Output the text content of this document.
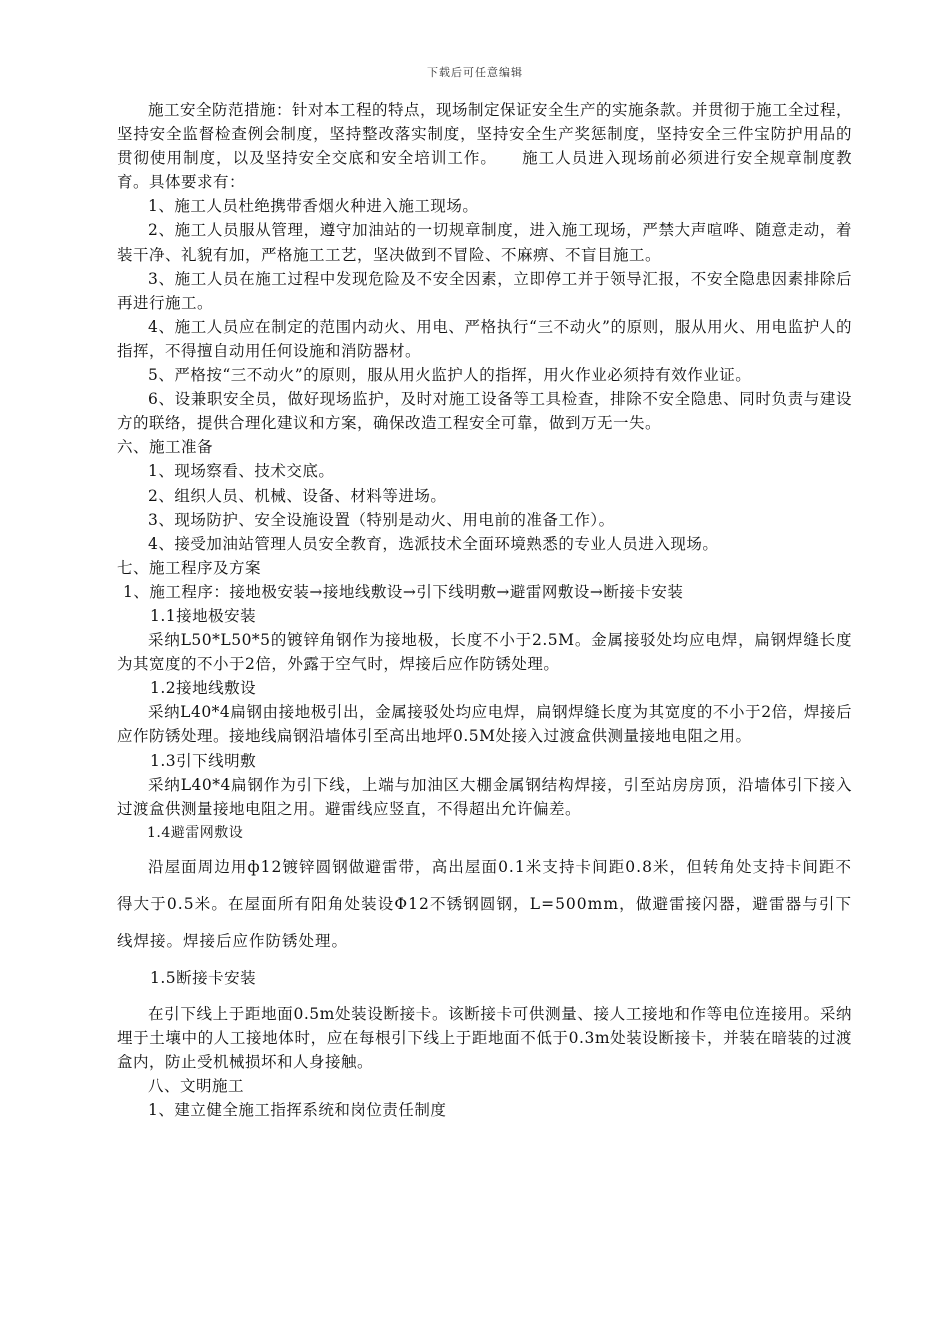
下载后可任意编辑

施工安全防范措施：针对本工程的特点，现场制定保证安全生产的实施条款。并贯彻于施工全过程，坚持安全监督检查例会制度，坚持整改落实制度，坚持安全生产奖惩制度，坚持安全三件宝防护用品的贯彻使用制度，以及坚持安全交底和安全培训工作。　　施工人员进入现场前必须进行安全规章制度教育。具体要求有：

1、施工人员杜绝携带香烟火种进入施工现场。

2、施工人员服从管理，遵守加油站的一切规章制度，进入施工现场，严禁大声喧哗、随意走动，着装干净、礼貌有加，严格施工工艺，坚决做到不冒险、不麻痹、不盲目施工。

3、施工人员在施工过程中发现危险及不安全因素，立即停工并于领导汇报，不安全隐患因素排除后再进行施工。

4、施工人员应在制定的范围内动火、用电、严格执行“三不动火”的原则，服从用火、用电监护人的指挥，不得擅自动用任何设施和消防器材。

5、严格按“三不动火”的原则，服从用火监护人的指挥，用火作业必须持有效作业证。

6、设兼职安全员，做好现场监护，及时对施工设备等工具检查，排除不安全隐患、同时负责与建设方的联络，提供合理化建议和方案，确保改造工程安全可靠，做到万无一失。

六、施工准备

1、现场察看、技术交底。

2、组织人员、机械、设备、材料等进场。

3、现场防护、安全设施设置（特别是动火、用电前的准备工作）。

4、接受加油站管理人员安全教育，选派技术全面环境熟悉的专业人员进入现场。

七、施工程序及方案

1、施工程序：接地极安装→接地线敷设→引下线明敷→避雷网敷设→断接卡安装

1.1接地极安装

采纳L50*L50*5的镀锌角钢作为接地极，长度不小于2.5M。金属接驳处均应电焊，扁钢焊缝长度为其宽度的不小于2倍，外露于空气时，焊接后应作防锈处理。

1.2接地线敷设

采纳L40*4扁钢由接地极引出，金属接驳处均应电焊，扁钢焊缝长度为其宽度的不小于2倍，焊接后应作防锈处理。接地线扁钢沿墙体引至高出地坪0.5M处接入过渡盒供测量接地电阻之用。

1.3引下线明敷

采纳L40*4扁钢作为引下线，上端与加油区大棚金属钢结构焊接，引至站房房顶，沿墙体引下接入过渡盒供测量接地电阻之用。避雷线应竖直，不得超出允许偏差。

1.4避雷网敷设

沿屋面周边用ф12镀锌圆钢做避雷带，高出屋面0.1米支持卡间距0.8米，但转角处支持卡间距不得大于0.5米。在屋面所有阳角处装设Φ12不锈钢圆钢，L=500mm，做避雷接闪器，避雷器与引下线焊接。焊接后应作防锈处理。

1.5断接卡安装

在引下线上于距地面0.5m处装设断接卡。该断接卡可供测量、接人工接地和作等电位连接用。采纳埋于土壤中的人工接地体时，应在每根引下线上于距地面不低于0.3m处装设断接卡，并装在暗装的过渡盒内，防止受机械损坏和人身接触。

八、文明施工

1、建立健全施工指挥系统和岗位责任制度
